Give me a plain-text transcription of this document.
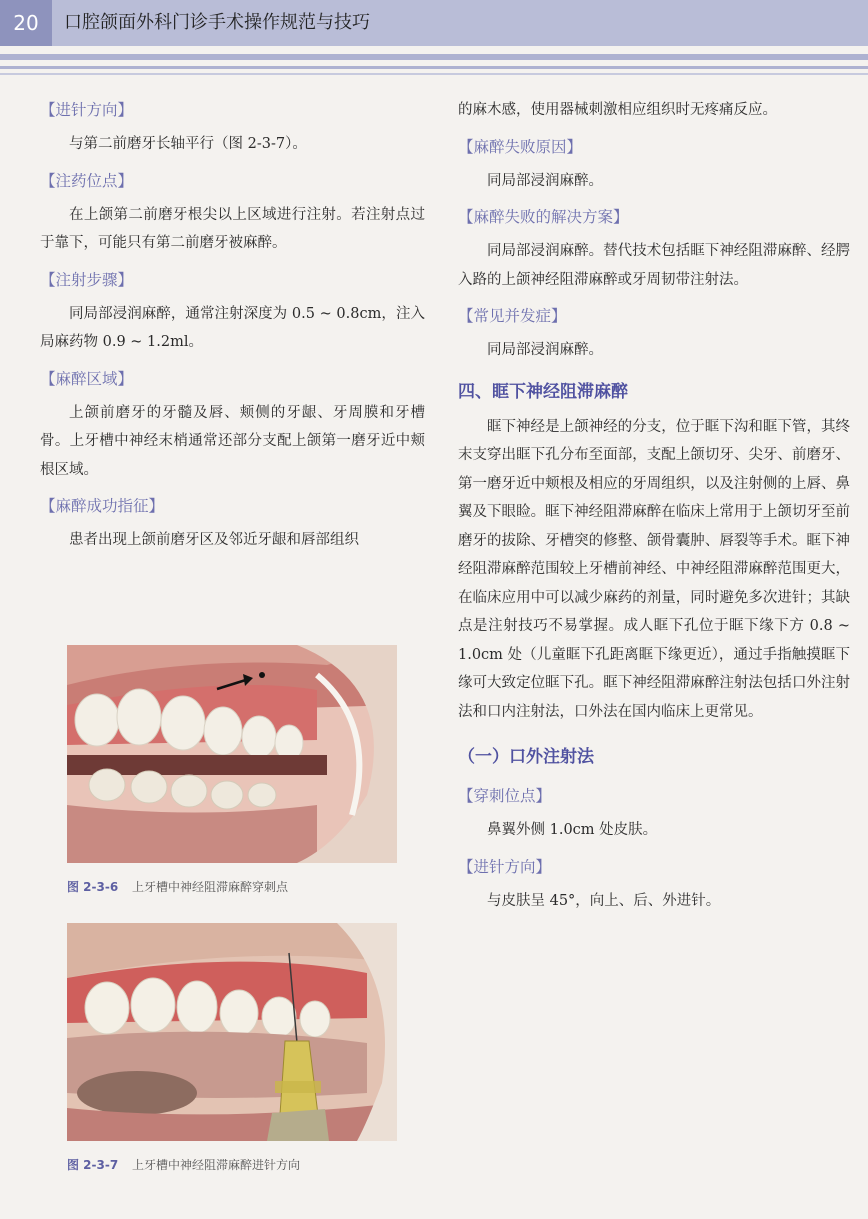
20	口腔颌面外科门诊手术操作规范与技巧
【进针方向】
与第二前磨牙长轴平行（图 2-3-7）。
【注药位点】
在上颌第二前磨牙根尖以上区域进行注射。若注射点过于靠下，可能只有第二前磨牙被麻醉。
【注射步骤】
同局部浸润麻醉，通常注射深度为 0.5 ~ 0.8cm，注入局麻药物 0.9 ~ 1.2ml。
【麻醉区域】
上颌前磨牙的牙髓及唇、颊侧的牙龈、牙周膜和牙槽骨。上牙槽中神经末梢通常还部分支配上颌第一磨牙近中颊根区域。
【麻醉成功指征】
患者出现上颌前磨牙区及邻近牙龈和唇部组织
图 2-3-6 上牙槽中神经阻滞麻醉穿刺点
图 2-3-7 上牙槽中神经阻滞麻醉进针方向
的麻木感，使用器械刺激相应组织时无疼痛反应。
【麻醉失败原因】
同局部浸润麻醉。
【麻醉失败的解决方案】
同局部浸润麻醉。替代技术包括眶下神经阻滞麻醉、经腭入路的上颌神经阻滞麻醉或牙周韧带注射法。
【常见并发症】
同局部浸润麻醉。
四、眶下神经阻滞麻醉
眶下神经是上颌神经的分支，位于眶下沟和眶下管，其终末支穿出眶下孔分布至面部，支配上颌切牙、尖牙、前磨牙、第一磨牙近中颊根及相应的牙周组织，以及注射侧的上唇、鼻翼及下眼睑。眶下神经阻滞麻醉在临床上常用于上颌切牙至前磨牙的拔除、牙槽突的修整、颌骨囊肿、唇裂等手术。眶下神经阻滞麻醉范围较上牙槽前神经、中神经阻滞麻醉范围更大，在临床应用中可以减少麻药的剂量，同时避免多次进针；其缺点是注射技巧不易掌握。成人眶下孔位于眶下缘下方 0.8 ~ 1.0cm 处（儿童眶下孔距离眶下缘更近），通过手指触摸眶下缘可大致定位眶下孔。眶下神经阻滞麻醉注射法包括口外注射法和口内注射法，口外法在国内临床上更常见。
（一）口外注射法
【穿刺位点】
鼻翼外侧 1.0cm 处皮肤。
【进针方向】
与皮肤呈 45°，向上、后、外进针。
